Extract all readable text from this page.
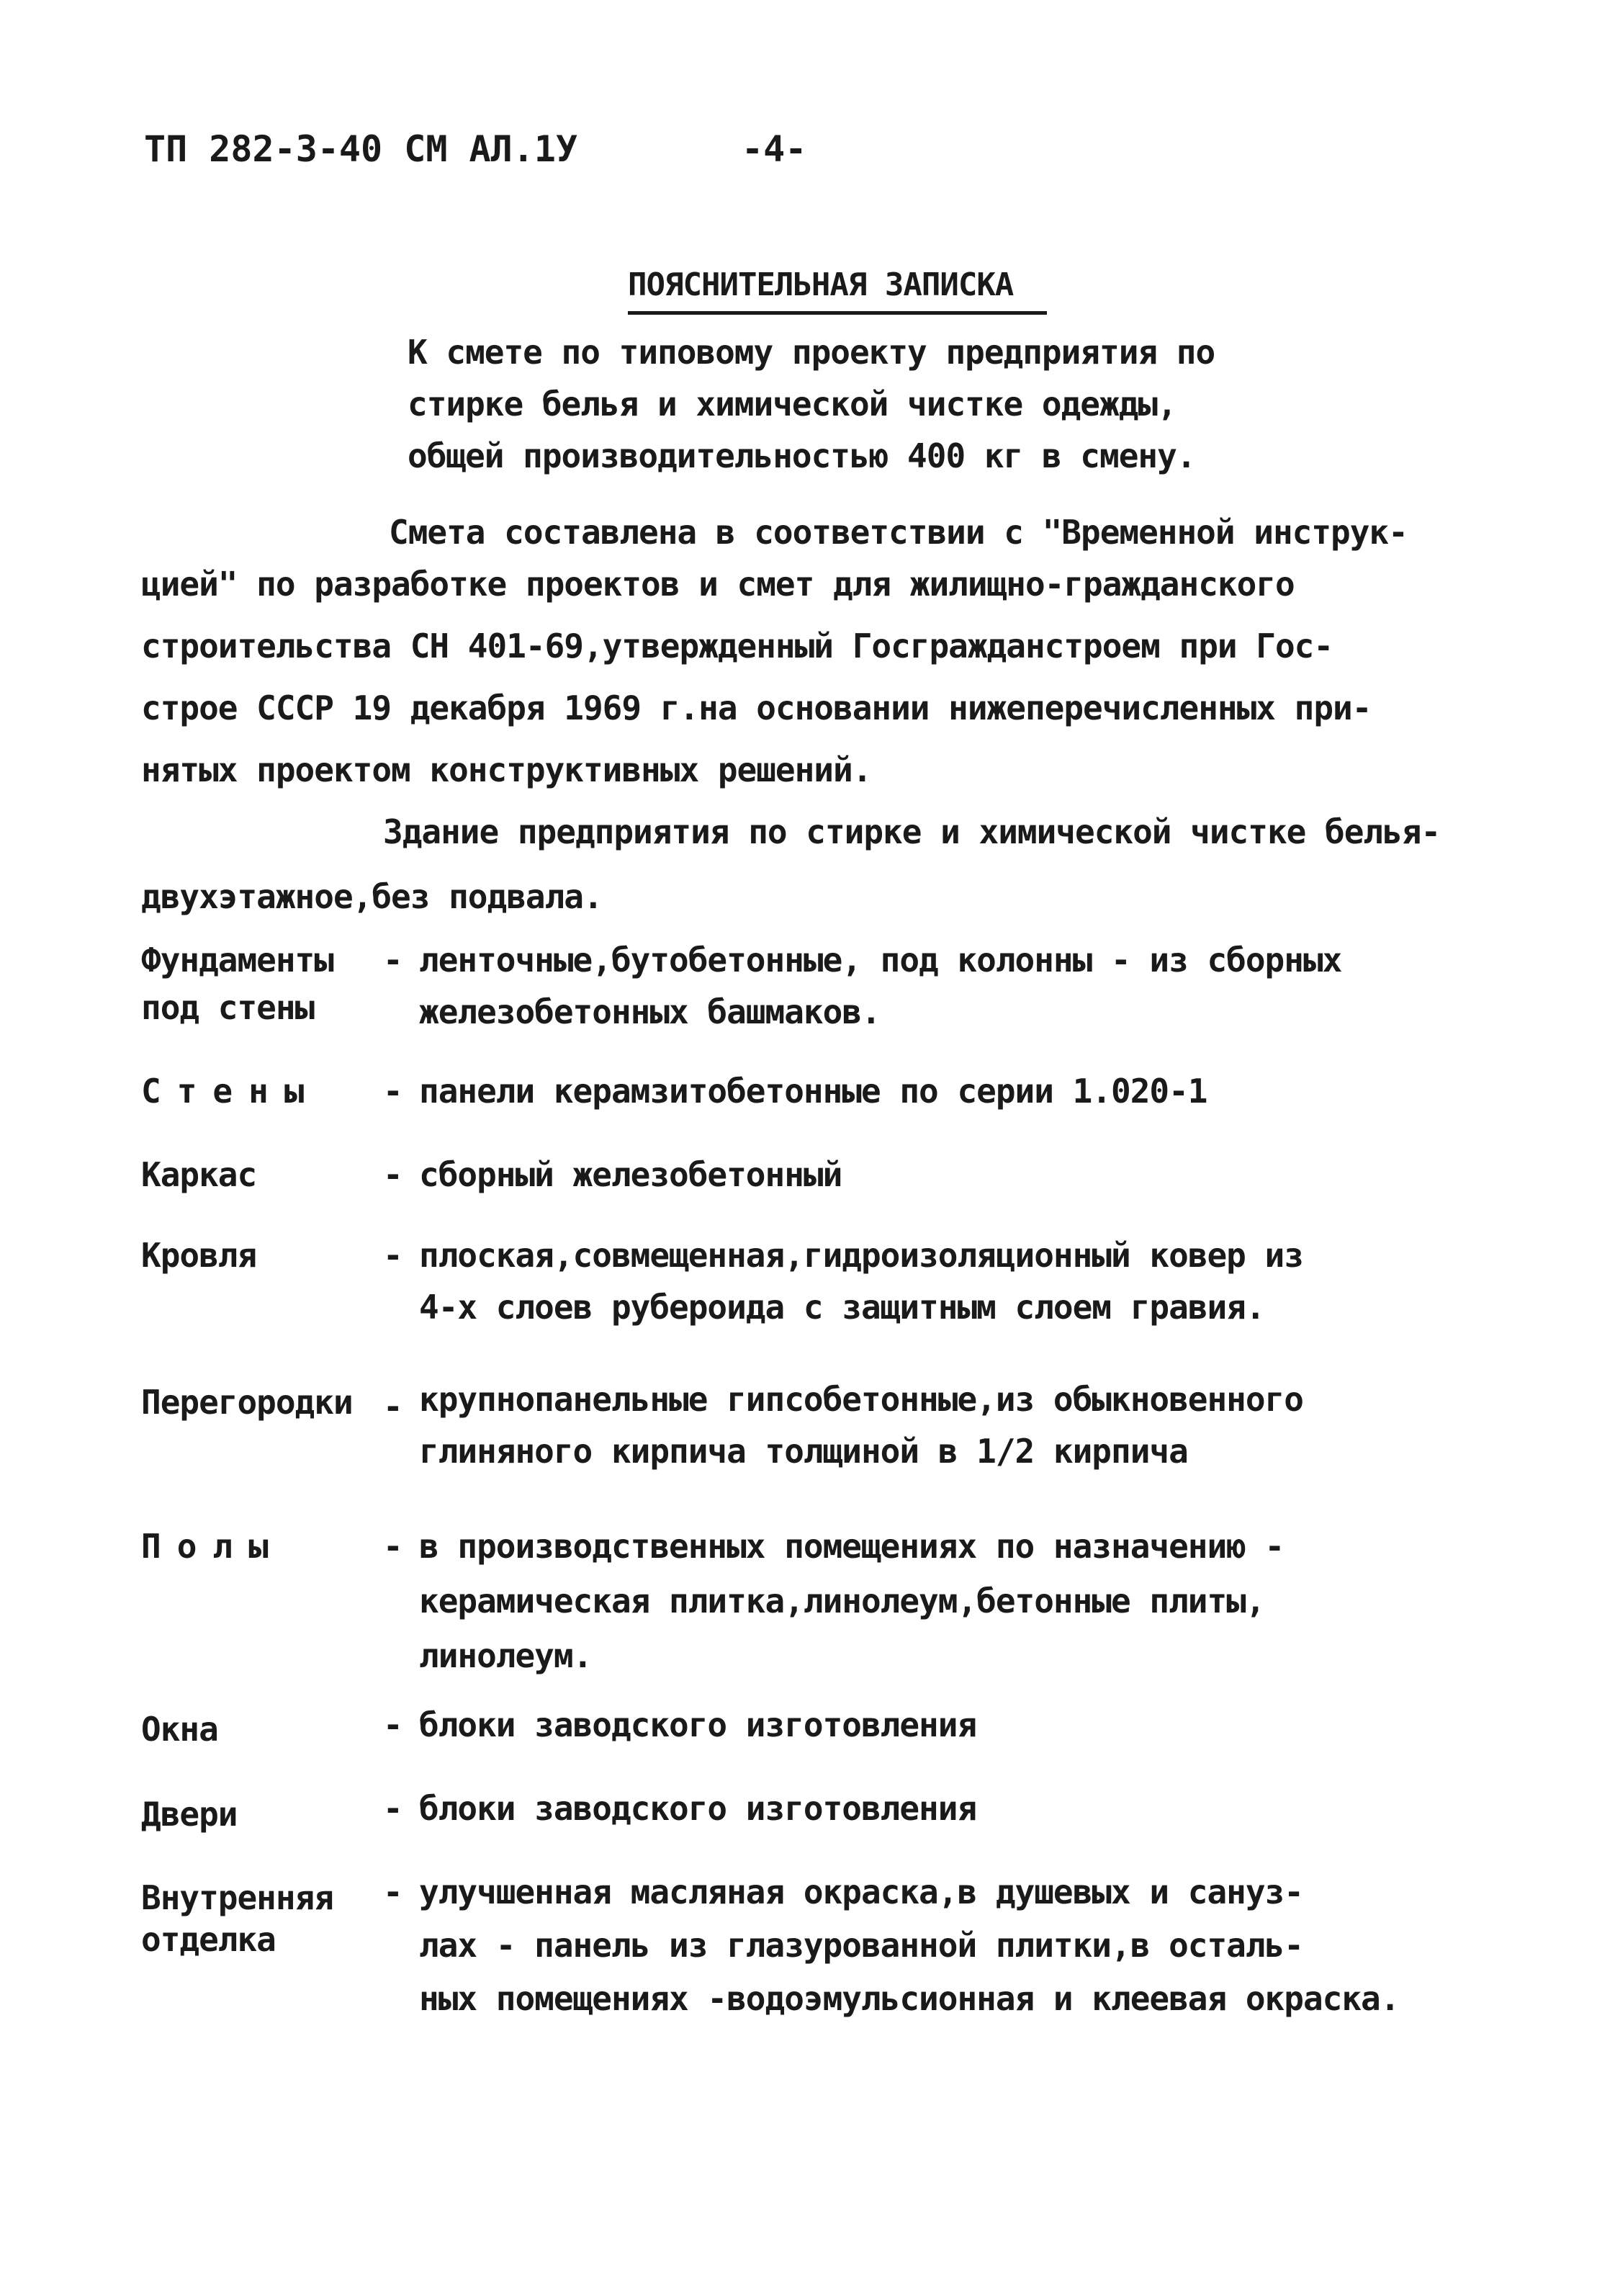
ТП 282-3-40 СМ АЛ.1У	-4-
ПОЯСНИТЕЛЬНАЯ ЗАПИСКА
К смете по типовому проекту предприятия по
стирке белья и химической чистке одежды,
общей производительностью 400 кг в смену.
Смета составлена в соответствии с "Временной инструк-
цией" по разработке проектов и смет для жилищно-гражданского
строительства СН 401-69,утвержденный Госгражданстроем при Гос-
строе СССР 19 декабря 1969 г.на основании нижеперечисленных при-
нятых проектом конструктивных решений.
Здание предприятия по стирке и химической чистке белья-
двухэтажное,без подвала.
Фундаменты
под стены
- ленточные,бутобетонные, под колонны - из сборных
железобетонных башмаков.
Стены - панели керамзитобетонные по серии 1.020-1
Каркас	- сборный железобетонный
Кровля	- плоская,совмещенная,гидроизоляционный ковер из
4-х слоев рубероида с защитным слоем гравия.
Перегородки - крупнопанельные гипсобетонные,из обыкновенного
глиняного кирпича толщиной в 1/2 кирпича
Полы	- в производственных помещениях по назначению -
керамическая плитка,линолеум,бетонные плиты,
линолеум.
Окна	- блоки заводского изготовления
Двери	- блоки заводского изготовления
Внутренняя
отделка
- улучшенная масляная окраска,в душевых и сануз-
лах - панель из глазурованной плитки,в осталь-
ных помещениях -водоэмульсионная и клеевая окраска.
